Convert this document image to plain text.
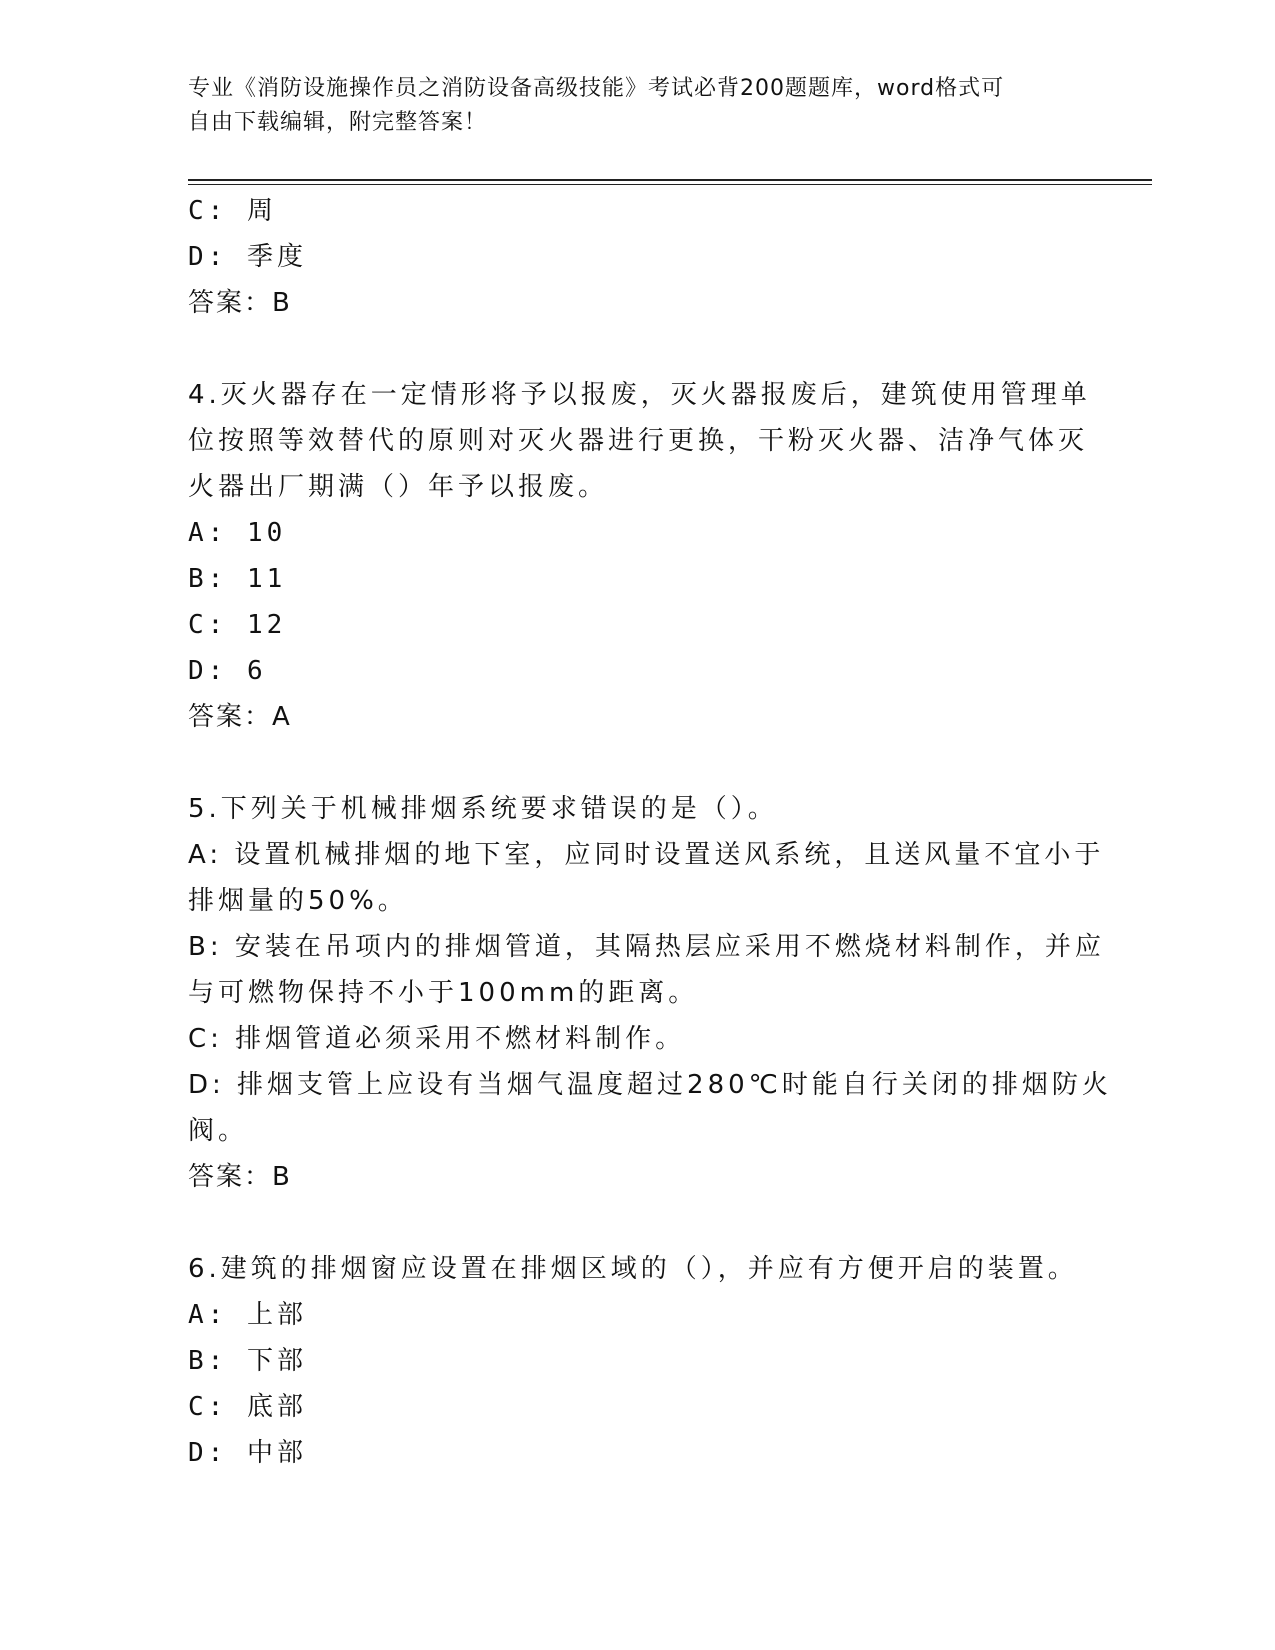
专业《消防设施操作员之消防设备高级技能》考试必背200题题库，word格式可
自由下载编辑，附完整答案！
C: 周
D: 季度
答案：B
4.灭火器存在一定情形将予以报废，灭火器报废后，建筑使用管理单
位按照等效替代的原则对灭火器进行更换，干粉灭火器、洁净气体灭
火器出厂期满（）年予以报废。
A: 10
B: 11
C: 12
D: 6
答案：A
5.下列关于机械排烟系统要求错误的是（）。
A: 设置机械排烟的地下室，应同时设置送风系统，且送风量不宜小于
排烟量的50%。
B: 安装在吊项内的排烟管道，其隔热层应采用不燃烧材料制作，并应
与可燃物保持不小于100mm的距离。
C: 排烟管道必须采用不燃材料制作。
D: 排烟支管上应设有当烟气温度超过280℃时能自行关闭的排烟防火
阀。
答案：B
6.建筑的排烟窗应设置在排烟区域的（），并应有方便开启的装置。
A: 上部
B: 下部
C: 底部
D: 中部
